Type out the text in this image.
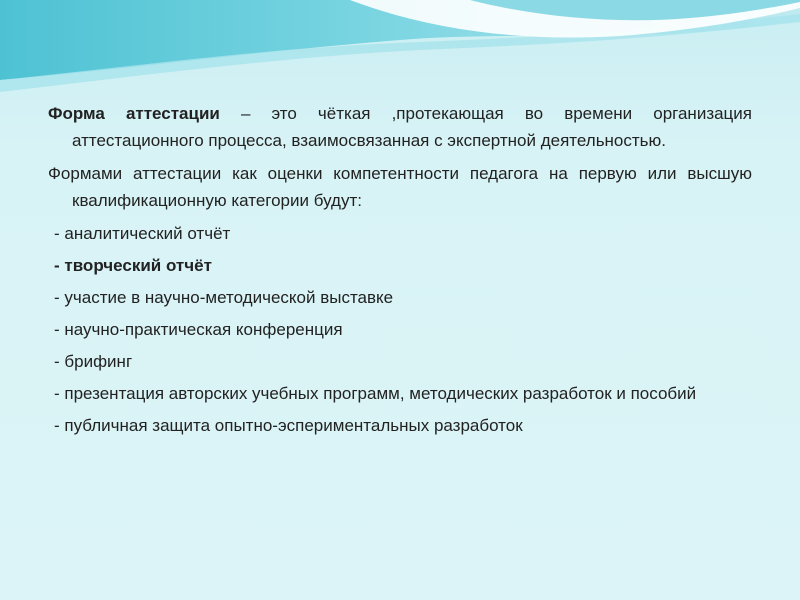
Форма аттестации – это чёткая ,протекающая во времени организация аттестационного процесса, взаимосвязанная с экспертной деятельностью.

Формами аттестации как оценки компетентности педагога на первую или высшую квалификационную категории будут:

- аналитический отчёт

- творческий отчёт

- участие в научно-методической выставке

- научно-практическая конференция

- брифинг

- презентация авторских учебных программ, методических разработок и пособий

- публичная защита опытно-эспериментальных разработок
